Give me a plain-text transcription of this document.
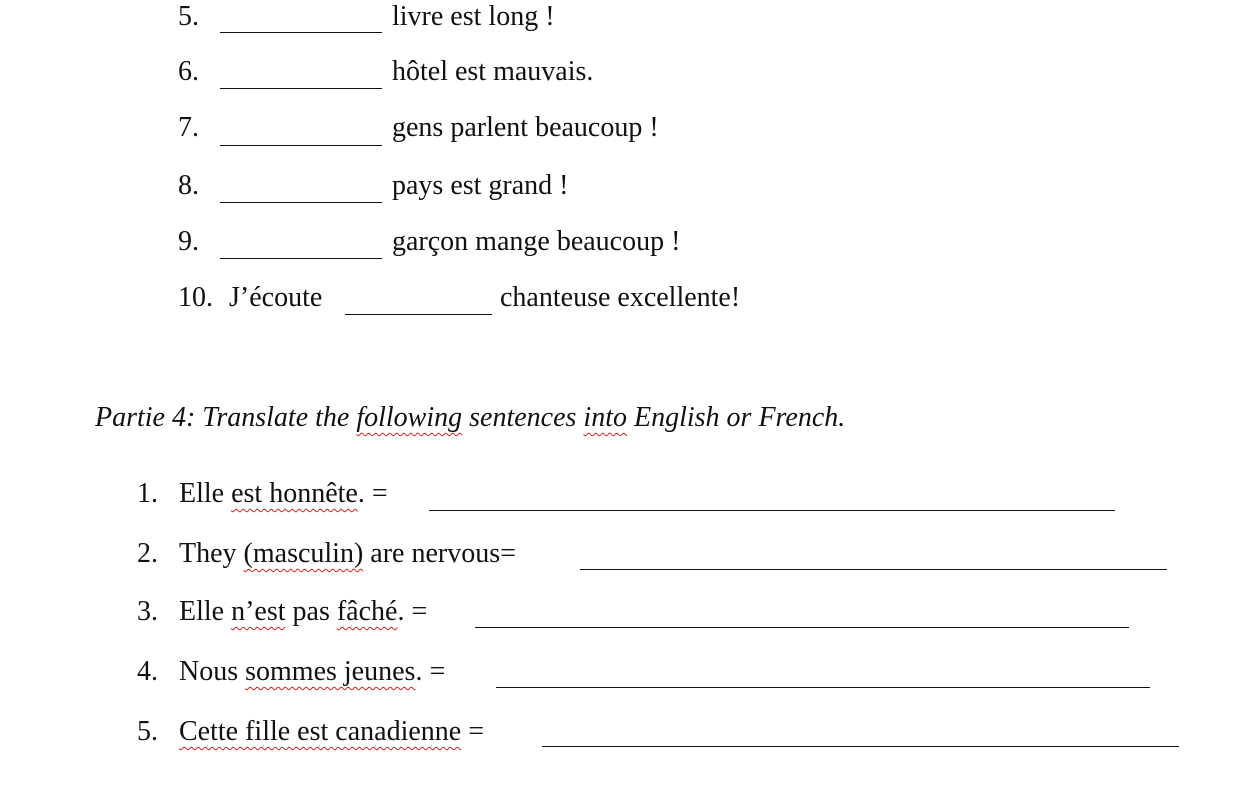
5.	livre est long !
6.	hôtel est mauvais.
7.	gens parlent beaucoup !
8.	pays est grand !
9.	garçon mange beaucoup !
10. J’écoute	chanteuse excellente!
Partie 4: Translate the following sentences into English or French.
1. Elle est honnête. =
2. They (masculin) are nervous=
3. Elle n’est pas fâché. =
4. Nous sommes jeunes. =
5. Cette fille est canadienne =
